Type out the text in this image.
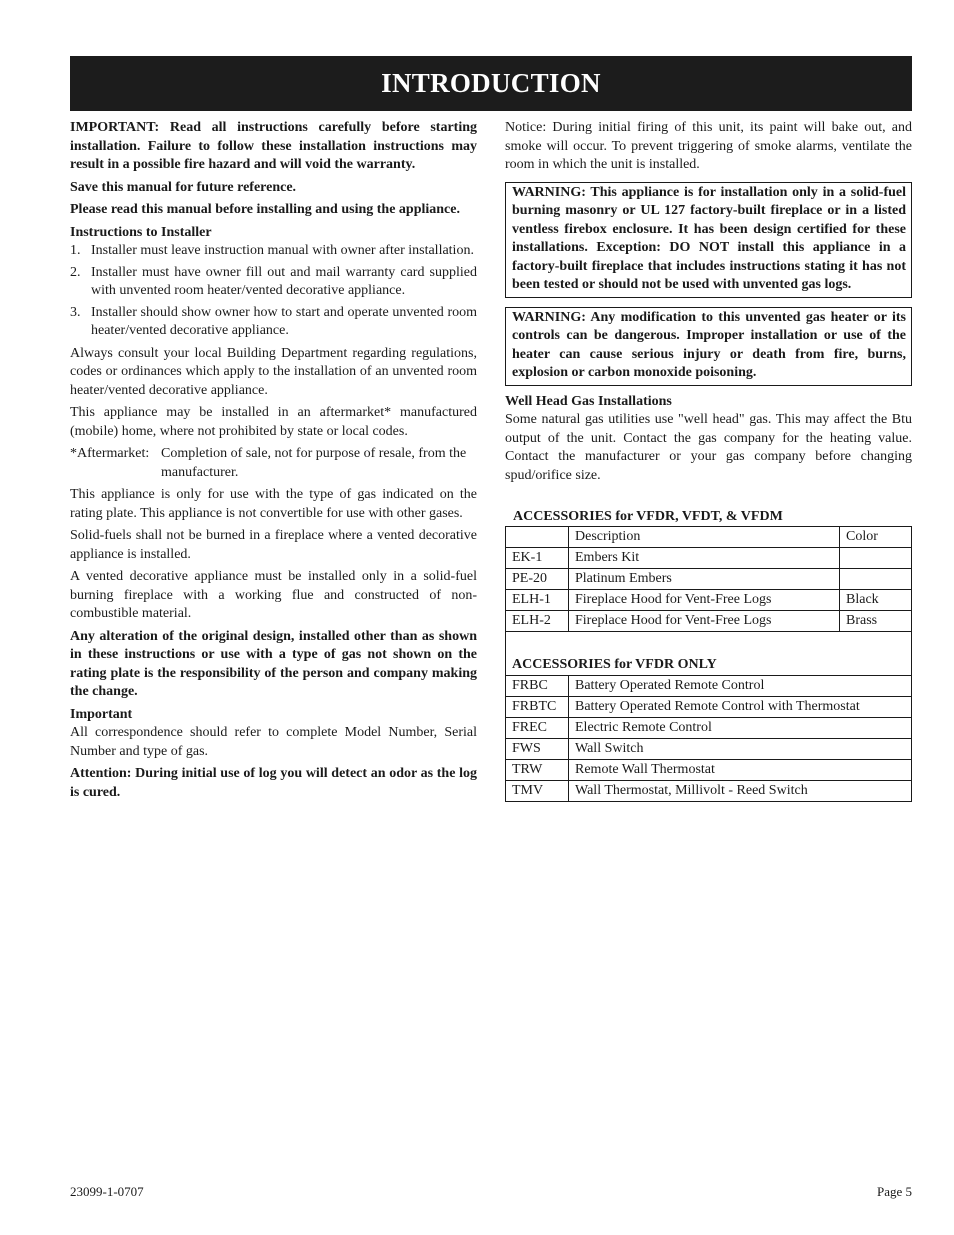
INTRODUCTION

IMPORTANT: Read all instructions carefully before starting installation. Failure to follow these installation instructions may result in a possible fire hazard and will void the warranty.

Save this manual for future reference.

Please read this manual before installing and using the appliance.

Instructions to Installer
1. Installer must leave instruction manual with owner after installation.
2. Installer must have owner fill out and mail warranty card supplied with unvented room heater/vented decorative appliance.
3. Installer should show owner how to start and operate unvented room heater/vented decorative appliance.

Always consult your local Building Department regarding regulations, codes or ordinances which apply to the installation of an unvented room heater/vented decorative appliance.

This appliance may be installed in an aftermarket* manufactured (mobile) home, where not prohibited by state or local codes.

*Aftermarket: Completion of sale, not for purpose of resale, from the manufacturer.

This appliance is only for use with the type of gas indicated on the rating plate. This appliance is not convertible for use with other gases.

Solid-fuels shall not be burned in a fireplace where a vented decorative appliance is installed.

A vented decorative appliance must be installed only in a solid-fuel burning fireplace with a working flue and constructed of non-combustible material.

Any alteration of the original design, installed other than as shown in these instructions or use with a type of gas not shown on the rating plate is the responsibility of the person and company making the change.

Important

All correspondence should refer to complete Model Number, Serial Number and type of gas.

Attention: During initial use of log you will detect an odor as the log is cured.

Notice: During initial firing of this unit, its paint will bake out, and smoke will occur. To prevent triggering of smoke alarms, ventilate the room in which the unit is installed.

WARNING: This appliance is for installation only in a solid-fuel burning masonry or UL 127 factory-built fireplace or in a listed ventless firebox enclosure. It has been design certified for these installations. Exception: DO NOT install this appliance in a factory-built fireplace that includes instructions stating it has not been tested or should not be used with unvented gas logs.
WARNING: Any modification to this unvented gas heater or its controls can be dangerous. Improper installation or use of the heater can cause serious injury or death from fire, burns, explosion or carbon monoxide poisoning.
Well Head Gas Installations

Some natural gas utilities use "well head" gas. This may affect the Btu output of the unit. Contact the gas company for the heating value. Contact the manufacturer or your gas company before changing spud/orifice size.

ACCESSORIES for VFDR, VFDT, & VFDM
	Description	Color
EK-1	Embers Kit	
PE-20	Platinum Embers	
ELH-1	Fireplace Hood for Vent-Free Logs	Black
ELH-2	Fireplace Hood for Vent-Free Logs	Brass
ACCESSORIES for VFDR ONLY		
FRBC	Battery Operated Remote Control	
FRBTC	Battery Operated Remote Control with Thermostat	
FREC	Electric Remote Control	
FWS	Wall Switch	
TRW	Remote Wall Thermostat	
TMV	Wall Thermostat, Millivolt - Reed Switch	
23099-1-0707	Page 5
